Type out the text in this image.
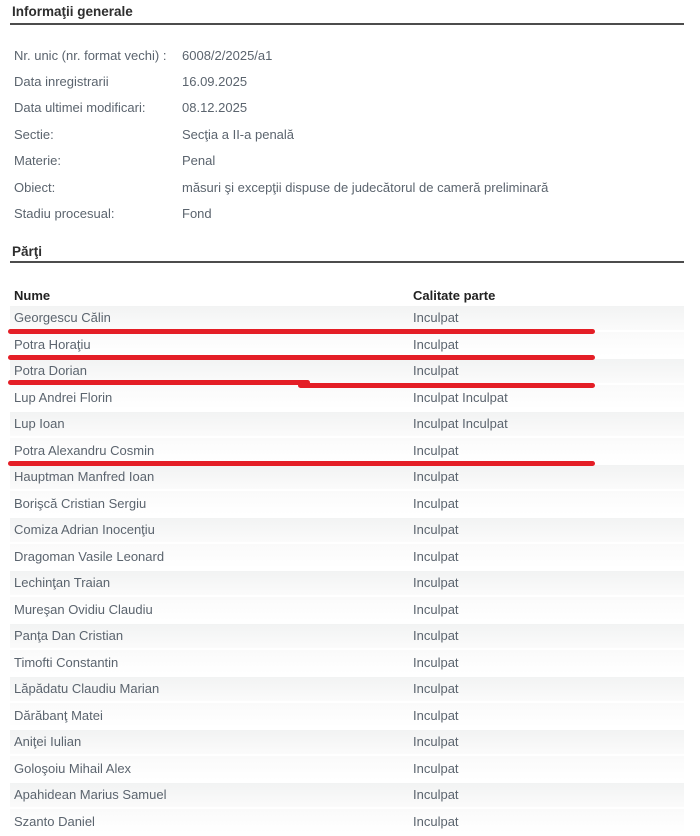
Informaţii generale
Nr. unic (nr. format vechi) :	6008/2/2025/a1
Data inregistrarii	16.09.2025
Data ultimei modificari:	08.12.2025
Sectie:	Secţia a II-a penală
Materie:	Penal
Obiect:	măsuri şi excepţii dispuse de judecătorul de cameră preliminară
Stadiu procesual:	Fond
Părţi
Nume	Calitate parte
Georgescu Călin	Inculpat
Potra Horaţiu	Inculpat
Potra Dorian	Inculpat
Lup Andrei Florin	Inculpat Inculpat
Lup Ioan	Inculpat Inculpat
Potra Alexandru Cosmin	Inculpat
Hauptman Manfred Ioan	Inculpat
Borişcă Cristian Sergiu	Inculpat
Comiza Adrian Inocenţiu	Inculpat
Dragoman Vasile Leonard	Inculpat
Lechinţan Traian	Inculpat
Mureşan Ovidiu Claudiu	Inculpat
Panţa Dan Cristian	Inculpat
Timofti Constantin	Inculpat
Lăpădatu Claudiu Marian	Inculpat
Dărăbanţ Matei	Inculpat
Aniţei Iulian	Inculpat
Goloşoiu Mihail Alex	Inculpat
Apahidean Marius Samuel	Inculpat
Szanto Daniel	Inculpat
